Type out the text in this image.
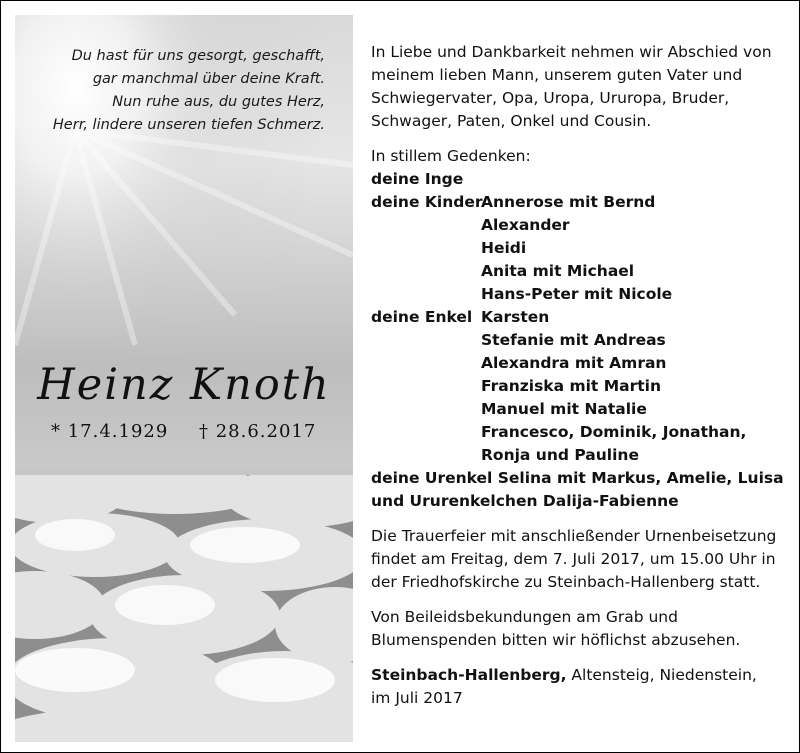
Du hast für uns gesorgt, geschafft,
gar manchmal über deine Kraft.
Nun ruhe aus, du gutes Herz,
Herr, lindere unseren tiefen Schmerz.
Heinz Knoth
* 17.4.1929 † 28.6.2017

In Liebe und Dankbarkeit nehmen wir Abschied von
meinem lieben Mann, unserem guten Vater und
Schwiegervater, Opa, Uropa, Ururopa, Bruder,
Schwager, Paten, Onkel und Cousin.

In stillem Gedenken:
deine Inge
deine Kinder
Annerose mit Bernd
Alexander
Heidi
Anita mit Michael
Hans-Peter mit Nicole
deine Enkel Karsten
Stefanie mit Andreas
Alexandra mit Amran
Franziska mit Martin
Manuel mit Natalie
Francesco, Dominik, Jonathan,
Ronja und Pauline
deine Urenkel Selina mit Markus, Amelie, Luisa
und Ururenkelchen Dalija-Fabienne

Die Trauerfeier mit anschließender Urnenbeisetzung
findet am Freitag, dem 7. Juli 2017, um 15.00 Uhr in
der Friedhofskirche zu Steinbach-Hallenberg statt.

Von Beileidsbekundungen am Grab und
Blumenspenden bitten wir höflichst abzusehen.

Steinbach-Hallenberg, Altensteig, Niedenstein,
im Juli 2017
